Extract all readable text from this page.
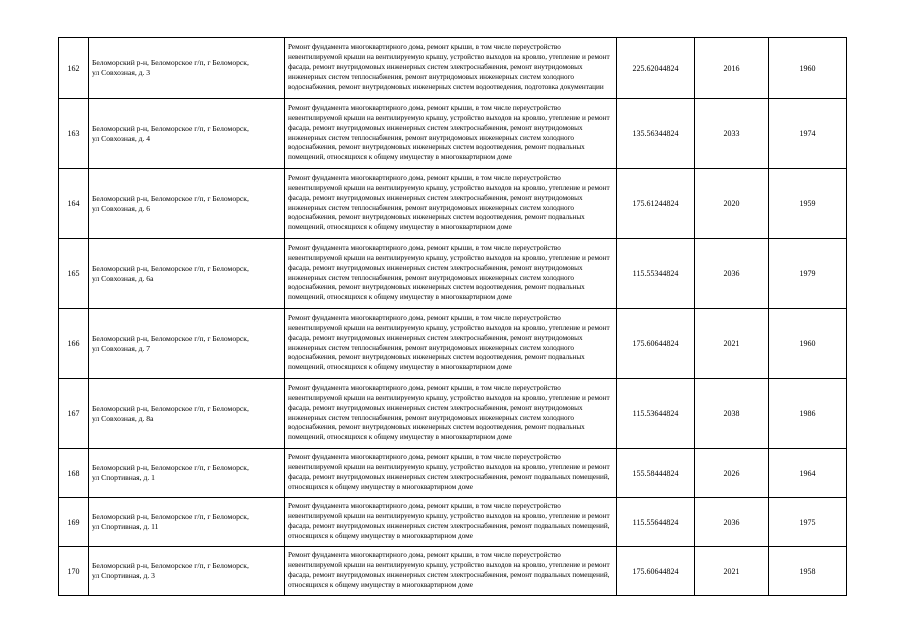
162	Беломорский р-н, Беломорское г/п, г Беломорск,
ул Совхозная, д. 3	Ремонт фундамента многоквартирного дома, ремонт крыши, в том числе переустройство невентилируемой крыши на вентилируемую крышу, устройство выходов на кровлю, утепление и ремонт фасада, ремонт внутридомовых инженерных систем электроснабжения, ремонт внутридомовых инженерных систем теплоснабжения, ремонт внутридомовых инженерных систем холодного водоснабжения, ремонт внутридомовых инженерных систем водоотведения, подготовка документации	225.62044824	2016	1960
163	Беломорский р-н, Беломорское г/п, г Беломорск,
ул Совхозная, д. 4	Ремонт фундамента многоквартирного дома, ремонт крыши, в том числе переустройство невентилируемой крыши на вентилируемую крышу, устройство выходов на кровлю, утепление и ремонт фасада, ремонт внутридомовых инженерных систем электроснабжения, ремонт внутридомовых инженерных систем теплоснабжения, ремонт внутридомовых инженерных систем холодного водоснабжения, ремонт внутридомовых инженерных систем водоотведения, ремонт подвальных помещений, относящихся к общему имуществу в многоквартирном доме	135.56344824	2033	1974
164	Беломорский р-н, Беломорское г/п, г Беломорск,
ул Совхозная, д. 6	Ремонт фундамента многоквартирного дома, ремонт крыши, в том числе переустройство невентилируемой крыши на вентилируемую крышу, устройство выходов на кровлю, утепление и ремонт фасада, ремонт внутридомовых инженерных систем электроснабжения, ремонт внутридомовых инженерных систем теплоснабжения, ремонт внутридомовых инженерных систем холодного водоснабжения, ремонт внутридомовых инженерных систем водоотведения, ремонт подвальных помещений, относящихся к общему имуществу в многоквартирном доме	175.61244824	2020	1959
165	Беломорский р-н, Беломорское г/п, г Беломорск,
ул Совхозная, д. 6а	Ремонт фундамента многоквартирного дома, ремонт крыши, в том числе переустройство невентилируемой крыши на вентилируемую крышу, устройство выходов на кровлю, утепление и ремонт фасада, ремонт внутридомовых инженерных систем электроснабжения, ремонт внутридомовых инженерных систем теплоснабжения, ремонт внутридомовых инженерных систем холодного водоснабжения, ремонт внутридомовых инженерных систем водоотведения, ремонт подвальных помещений, относящихся к общему имуществу в многоквартирном доме	115.55344824	2036	1979
166	Беломорский р-н, Беломорское г/п, г Беломорск,
ул Совхозная, д. 7	Ремонт фундамента многоквартирного дома, ремонт крыши, в том числе переустройство невентилируемой крыши на вентилируемую крышу, устройство выходов на кровлю, утепление и ремонт фасада, ремонт внутридомовых инженерных систем электроснабжения, ремонт внутридомовых инженерных систем теплоснабжения, ремонт внутридомовых инженерных систем холодного водоснабжения, ремонт внутридомовых инженерных систем водоотведения, ремонт подвальных помещений, относящихся к общему имуществу в многоквартирном доме	175.60644824	2021	1960
167	Беломорский р-н, Беломорское г/п, г Беломорск,
ул Совхозная, д. 8а	Ремонт фундамента многоквартирного дома, ремонт крыши, в том числе переустройство невентилируемой крыши на вентилируемую крышу, устройство выходов на кровлю, утепление и ремонт фасада, ремонт внутридомовых инженерных систем электроснабжения, ремонт внутридомовых инженерных систем теплоснабжения, ремонт внутридомовых инженерных систем холодного водоснабжения, ремонт внутридомовых инженерных систем водоотведения, ремонт подвальных помещений, относящихся к общему имуществу в многоквартирном доме	115.53644824	2038	1986
168	Беломорский р-н, Беломорское г/п, г Беломорск,
ул Спортивная, д. 1	Ремонт фундамента многоквартирного дома, ремонт крыши, в том числе переустройство невентилируемой крыши на вентилируемую крышу, устройство выходов на кровлю, утепление и ремонт фасада, ремонт внутридомовых инженерных систем электроснабжения, ремонт подвальных помещений, относящихся к общему имуществу в многоквартирном доме	155.58444824	2026	1964
169	Беломорский р-н, Беломорское г/п, г Беломорск,
ул Спортивная, д. 11	Ремонт фундамента многоквартирного дома, ремонт крыши, в том числе переустройство невентилируемой крыши на вентилируемую крышу, устройство выходов на кровлю, утепление и ремонт фасада, ремонт внутридомовых инженерных систем электроснабжения, ремонт подвальных помещений, относящихся к общему имуществу в многоквартирном доме	115.55644824	2036	1975
170	Беломорский р-н, Беломорское г/п, г Беломорск,
ул Спортивная, д. 3	Ремонт фундамента многоквартирного дома, ремонт крыши, в том числе переустройство невентилируемой крыши на вентилируемую крышу, устройство выходов на кровлю, утепление и ремонт фасада, ремонт внутридомовых инженерных систем электроснабжения, ремонт подвальных помещений, относящихся к общему имуществу в многоквартирном доме	175.60644824	2021	1958
